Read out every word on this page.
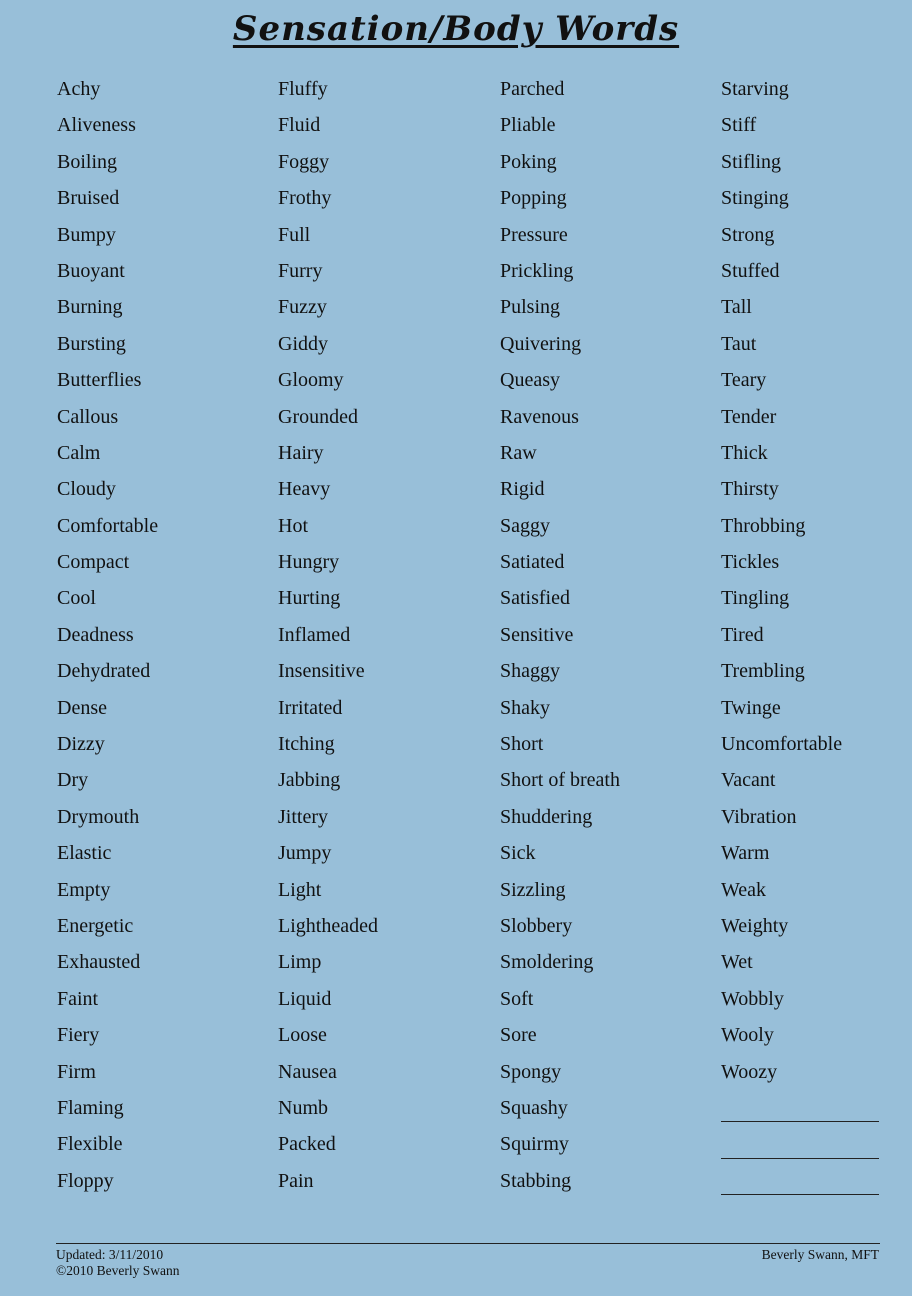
Sensation/Body Words
Achy
Aliveness
Boiling
Bruised
Bumpy
Buoyant
Burning
Bursting
Butterflies
Callous
Calm
Cloudy
Comfortable
Compact
Cool
Deadness
Dehydrated
Dense
Dizzy
Dry
Drymouth
Elastic
Empty
Energetic
Exhausted
Faint
Fiery
Firm
Flaming
Flexible
Floppy
Fluffy
Fluid
Foggy
Frothy
Full
Furry
Fuzzy
Giddy
Gloomy
Grounded
Hairy
Heavy
Hot
Hungry
Hurting
Inflamed
Insensitive
Irritated
Itching
Jabbing
Jittery
Jumpy
Light
Lightheaded
Limp
Liquid
Loose
Nausea
Numb
Packed
Pain
Parched
Pliable
Poking
Popping
Pressure
Prickling
Pulsing
Quivering
Queasy
Ravenous
Raw
Rigid
Saggy
Satiated
Satisfied
Sensitive
Shaggy
Shaky
Short
Short of breath
Shuddering
Sick
Sizzling
Slobbery
Smoldering
Soft
Sore
Spongy
Squashy
Squirmy
Stabbing
Starving
Stiff
Stifling
Stinging
Strong
Stuffed
Tall
Taut
Teary
Tender
Thick
Thirsty
Throbbing
Tickles
Tingling
Tired
Trembling
Twinge
Uncomfortable
Vacant
Vibration
Warm
Weak
Weighty
Wet
Wobbly
Wooly
Woozy
Updated: 3/11/2010
©2010 Beverly Swann
Beverly Swann, MFT
